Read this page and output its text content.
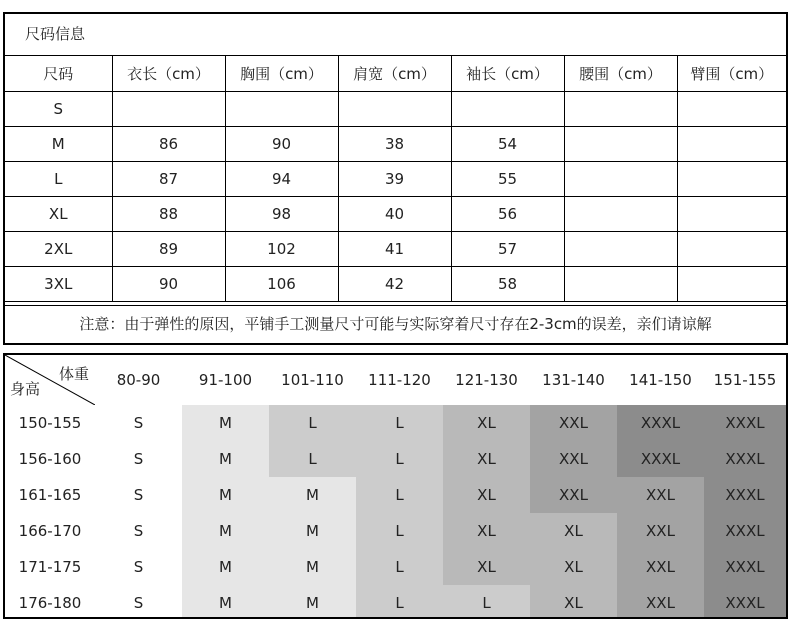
尺码信息
尺码	衣长（cm）	胸围（cm）	肩宽（cm）	袖长（cm）	腰围（cm）	臂围（cm）
S						
M	86	90	38	54		
L	87	94	39	55		
XL	88	98	40	56		
2XL	89	102	41	57		
3XL	90	106	42	58		
注意：由于弹性的原因，平铺手工测量尺寸可能与实际穿着尺寸存在2-3cm的误差，亲们请谅解
体重
身高	80-90	91-100	101-110	111-120	121-130	131-140	141-150	151-155
150-155	S	M	L	L	XL	XXL	XXXL	XXXL
156-160	S	M	L	L	XL	XXL	XXXL	XXXL
161-165	S	M	M	L	XL	XXL	XXL	XXXL
166-170	S	M	M	L	XL	XL	XXL	XXXL
171-175	S	M	M	L	XL	XL	XXL	XXXL
176-180	S	M	M	L	L	XL	XXL	XXXL
